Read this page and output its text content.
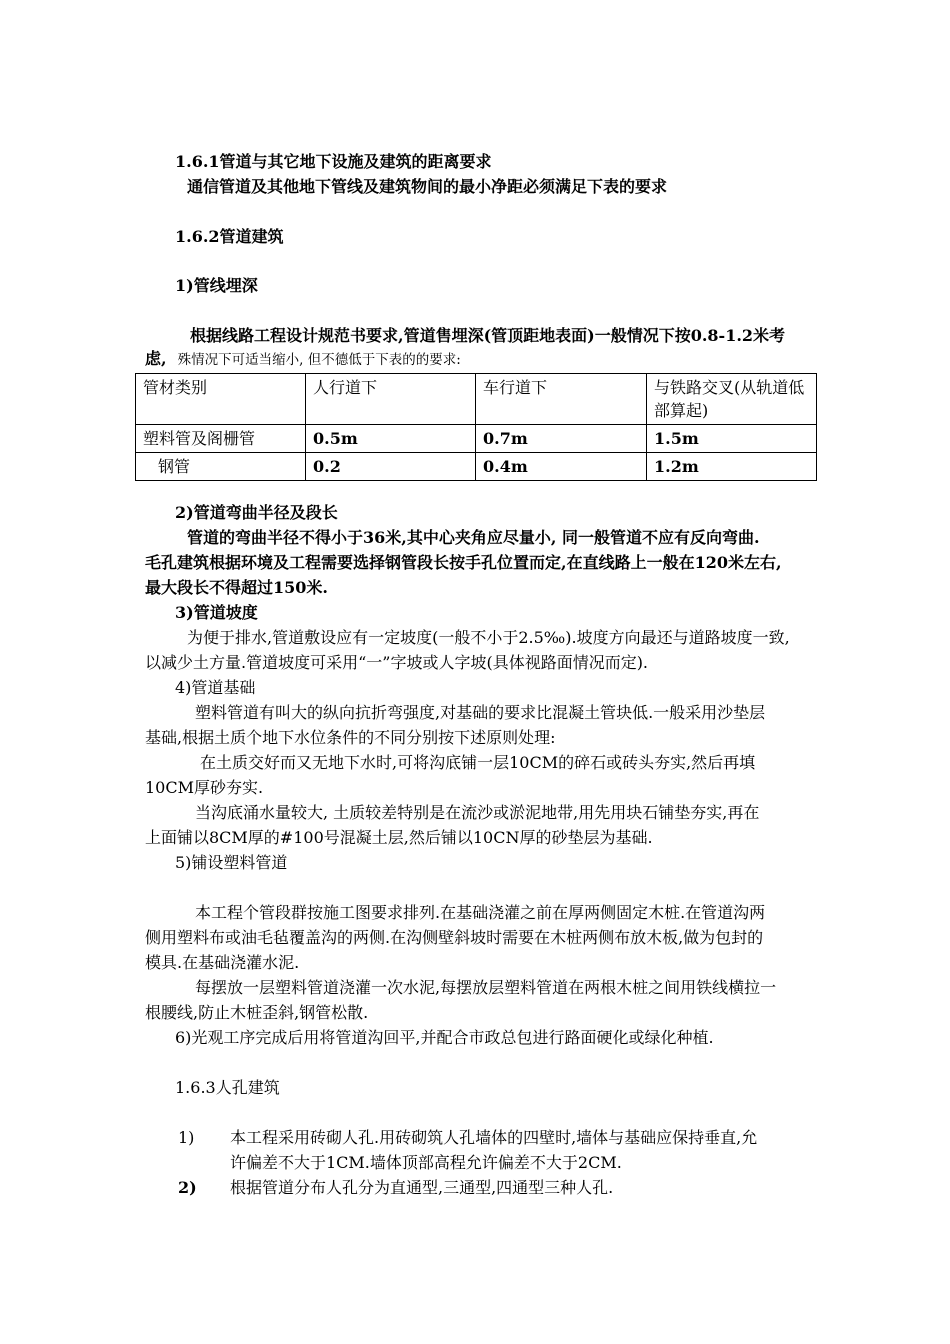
1.6.1管道与其它地下设施及建筑的距离要求
通信管道及其他地下管线及建筑物间的最小净距必须满足下表的要求
1.6.2管道建筑
1)管线埋深
根据线路工程设计规范书要求,管道售埋深(管顶距地表面)一般情况下按0.8-1.2米考
虑, 殊情况下可适当缩小, 但不德低于下表的的要求:
管材类别	人行道下	车行道下	与铁路交叉(从轨道低部算起)
塑料管及阁栅管	0.5m	0.7m	1.5m
钢管	0.2	0.4m	1.2m
2)管道弯曲半径及段长
管道的弯曲半径不得小于36米,其中心夹角应尽量小, 同一般管道不应有反向弯曲.
毛孔建筑根据环境及工程需要选择钢管段长按手孔位置而定,在直线路上一般在120米左右,
最大段长不得超过150米.
3)管道坡度
为便于排水,管道敷设应有一定坡度(一般不小于2.5‰).坡度方向最还与道路坡度一致,
以减少土方量.管道坡度可采用“一”字坡或人字坡(具体视路面情况而定).
4)管道基础
塑料管道有叫大的纵向抗折弯强度,对基础的要求比混凝土管块低.一般采用沙垫层
基础,根据土质个地下水位条件的不同分别按下述原则处理:
在土质交好而又无地下水时,可将沟底铺一层10CM的碎石或砖头夯实,然后再填
10CM厚砂夯实.
当沟底涌水量较大, 土质较差特别是在流沙或淤泥地带,用先用块石铺垫夯实,再在
上面铺以8CM厚的#100号混凝土层,然后铺以10CN厚的砂垫层为基础.
5)铺设塑料管道
本工程个管段群按施工图要求排列.在基础浇灌之前在厚两侧固定木桩.在管道沟两
侧用塑料布或油毛毡覆盖沟的两侧.在沟侧壁斜坡时需要在木桩两侧布放木板,做为包封的
模具.在基础浇灌水泥.
每摆放一层塑料管道浇灌一次水泥,每摆放层塑料管道在两根木桩之间用铁线横拉一
根腰线,防止木桩歪斜,钢管松散.
6)光观工序完成后用将管道沟回平,并配合市政总包进行路面硬化或绿化种植.
1.6.3人孔建筑
1) 本工程采用砖砌人孔.用砖砌筑人孔墙体的四壁时,墙体与基础应保持垂直,允
许偏差不大于1CM.墙体顶部高程允许偏差不大于2CM.
2) 根据管道分布人孔分为直通型,三通型,四通型三种人孔.
